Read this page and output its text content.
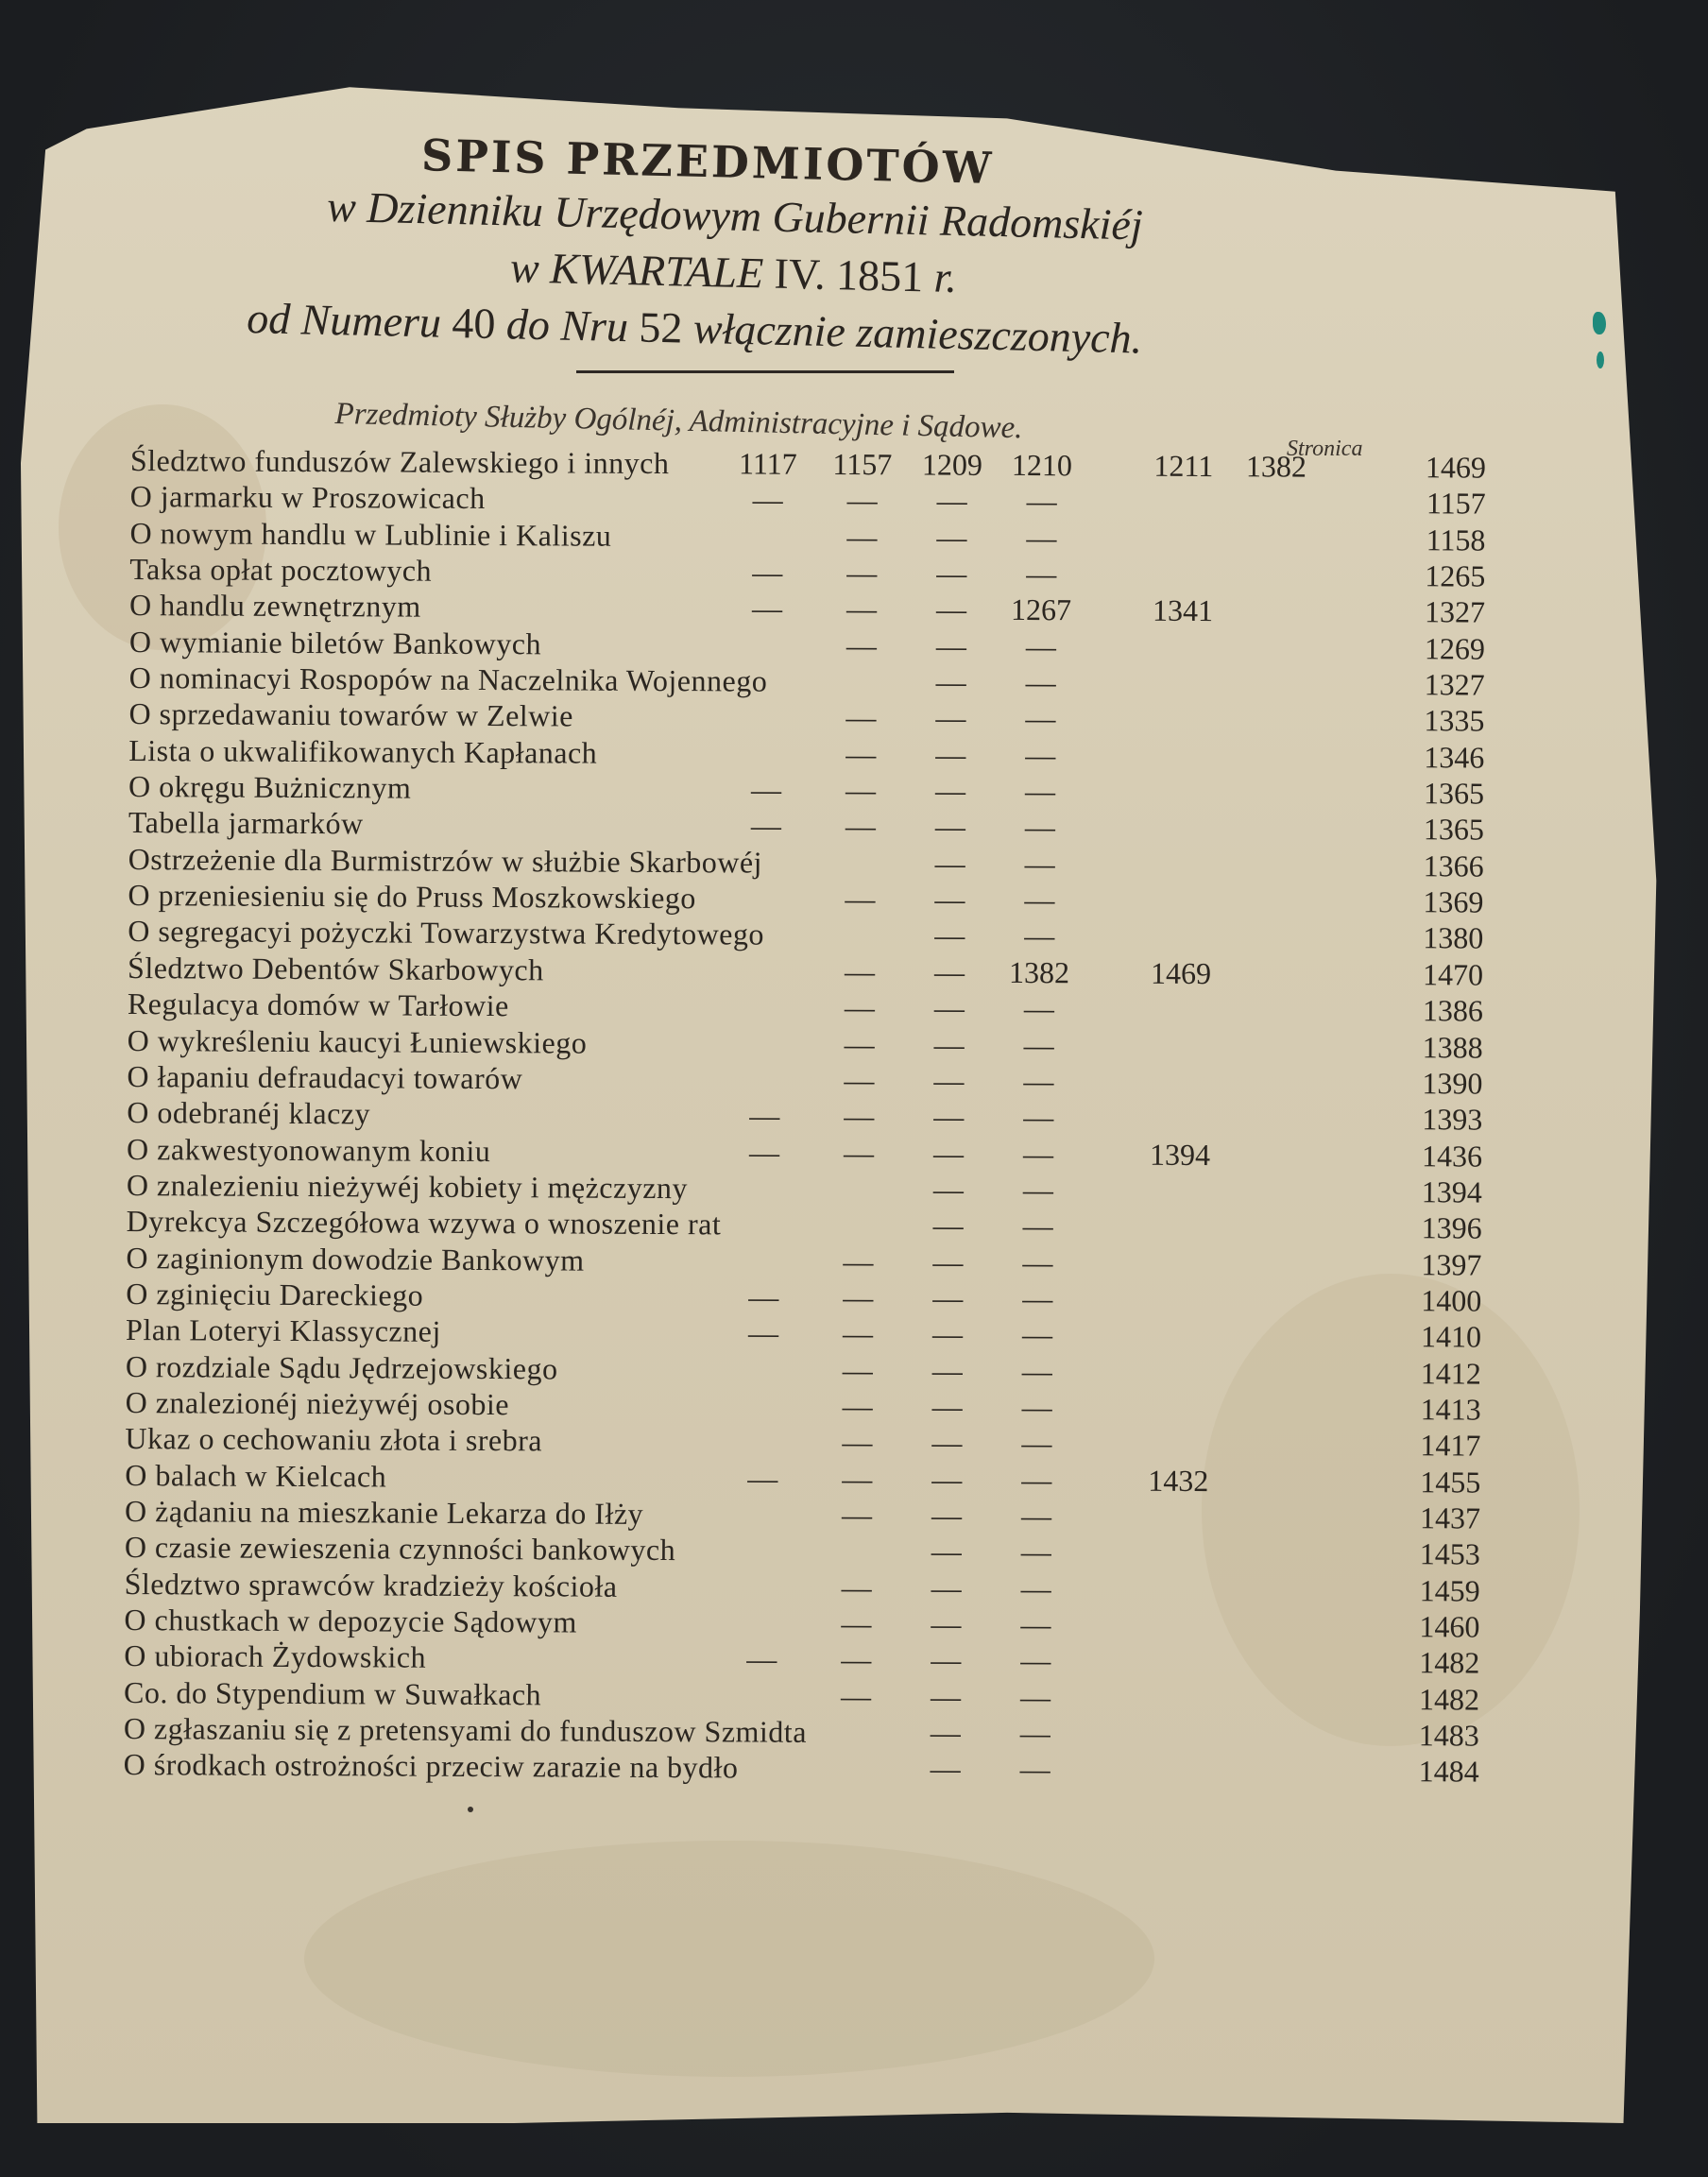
SPIS PRZEDMIOTÓW
w Dzienniku Urzędowym Gubernii Radomskiéj
w KWARTALE IV. 1851 r.
od Numeru 40 do Nru 52 włącznie zamieszczonych.
Przedmioty Służby Ogólnéj, Administracyjne i Sądowe.
Stronica
Śledztwo funduszów Zalewskiego i innych	1117	1157 1209 1210	1211	1382	1469
O jarmarku w Proszowicach	—	—	—	—	1157
O nowym handlu w Lublinie i Kaliszu	—	—	—	1158
Taksa opłat pocztowych	—	—	—	—	1265
O handlu zewnętrznym	—	—	—	1267	1341	1327
O wymianie biletów Bankowych	—	—	—	1269
O nominacyi Rospopów na Naczelnika Wojennego	—	—	1327
O sprzedawaniu towarów w Zelwie	—	—	—	1335
Lista o ukwalifikowanych Kapłanach	—	—	—	1346
O okręgu Bużnicznym	—	—	—	—	1365
Tabella jarmarków	—	—	—	—	1365
Ostrzeżenie dla Burmistrzów w służbie Skarbowéj	—	—	1366
O przeniesieniu się do Pruss Moszkowskiego	—	—	—	1369
O segregacyi pożyczki Towarzystwa Kredytowego	—	—	1380
Śledztwo Debentów Skarbowych	—	—	1382	1469	1470
Regulacya domów w Tarłowie	—	—	—	1386
O wykreśleniu kaucyi Łuniewskiego	—	—	—	1388
O łapaniu defraudacyi towarów	—	—	—	1390
O odebranéj klaczy	—	—	—	—	1393
O zakwestyonowanym koniu	—	—	—	—	1394	1436
O znalezieniu nieżywéj kobiety i mężczyzny	—	—	1394
Dyrekcya Szczegółowa wzywa o wnoszenie rat	—	—	1396
O zaginionym dowodzie Bankowym	—	—	—	1397
O zginięciu Dareckiego	—	—	—	—	1400
Plan Loteryi Klassycznej	—	—	—	—	1410
O rozdziale Sądu Jędrzejowskiego	—	—	—	1412
O znalezionéj nieżywéj osobie	—	—	—	1413
Ukaz o cechowaniu złota i srebra	—	—	—	1417
O balach w Kielcach	—	—	—	—	1432	1455
O żądaniu na mieszkanie Lekarza do Iłży	—	—	—	1437
O czasie zewieszenia czynności bankowych	—	—	1453
Śledztwo sprawców kradzieży kościoła	—	—	—	1459
O chustkach w depozycie Sądowym	—	—	—	1460
O ubiorach Żydowskich	—	—	—	—	1482
Co. do Stypendium w Suwałkach	—	—	—	1482
O zgłaszaniu się z pretensyami do funduszow Szmidta	—	—	1483
O środkach ostrożności przeciw zarazie na bydło	—	—	1484
